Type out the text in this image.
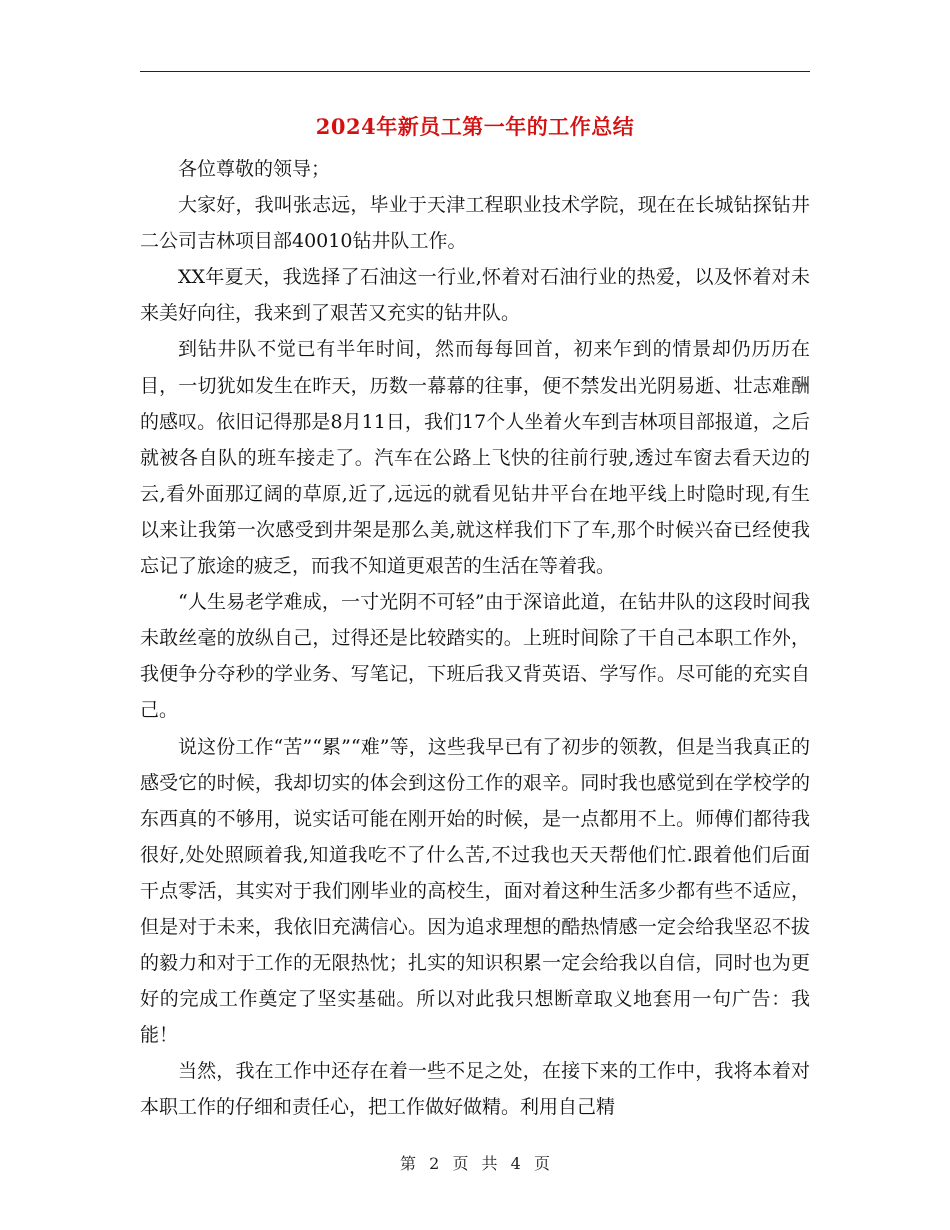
2024年新员工第一年的工作总结

各位尊敬的领导；

大家好，我叫张志远，毕业于天津工程职业技术学院，现在在长城钻探钻井二公司吉林项目部40010钻井队工作。

XX年夏天，我选择了石油这一行业,怀着对石油行业的热爱，以及怀着对未来美好向往，我来到了艰苦又充实的钻井队。

到钻井队不觉已有半年时间，然而每每回首，初来乍到的情景却仍历历在目，一切犹如发生在昨天，历数一幕幕的往事，便不禁发出光阴易逝、壮志难酬的感叹。依旧记得那是8月11日，我们17个人坐着火车到吉林项目部报道，之后就被各自队的班车接走了。汽车在公路上飞快的往前行驶,透过车窗去看天边的云,看外面那辽阔的草原,近了,远远的就看见钻井平台在地平线上时隐时现,有生以来让我第一次感受到井架是那么美,就这样我们下了车,那个时候兴奋已经使我忘记了旅途的疲乏，而我不知道更艰苦的生活在等着我。

“人生易老学难成，一寸光阴不可轻”由于深谙此道，在钻井队的这段时间我未敢丝毫的放纵自己，过得还是比较踏实的。上班时间除了干自己本职工作外，我便争分夺秒的学业务、写笔记，下班后我又背英语、学写作。尽可能的充实自己。

说这份工作“苦”“累”“难”等，这些我早已有了初步的领教，但是当我真正的感受它的时候，我却切实的体会到这份工作的艰辛。同时我也感觉到在学校学的东西真的不够用，说实话可能在刚开始的时候，是一点都用不上。师傅们都待我很好,处处照顾着我,知道我吃不了什么苦,不过我也天天帮他们忙.跟着他们后面干点零活，其实对于我们刚毕业的高校生，面对着这种生活多少都有些不适应，但是对于未来，我依旧充满信心。因为追求理想的酷热情感一定会给我坚忍不拔的毅力和对于工作的无限热忱；扎实的知识积累一定会给我以自信，同时也为更好的完成工作奠定了坚实基础。所以对此我只想断章取义地套用一句广告：我能！

当然，我在工作中还存在着一些不足之处，在接下来的工作中，我将本着对本职工作的仔细和责任心，把工作做好做精。利用自己精

第 2 页 共 4 页
